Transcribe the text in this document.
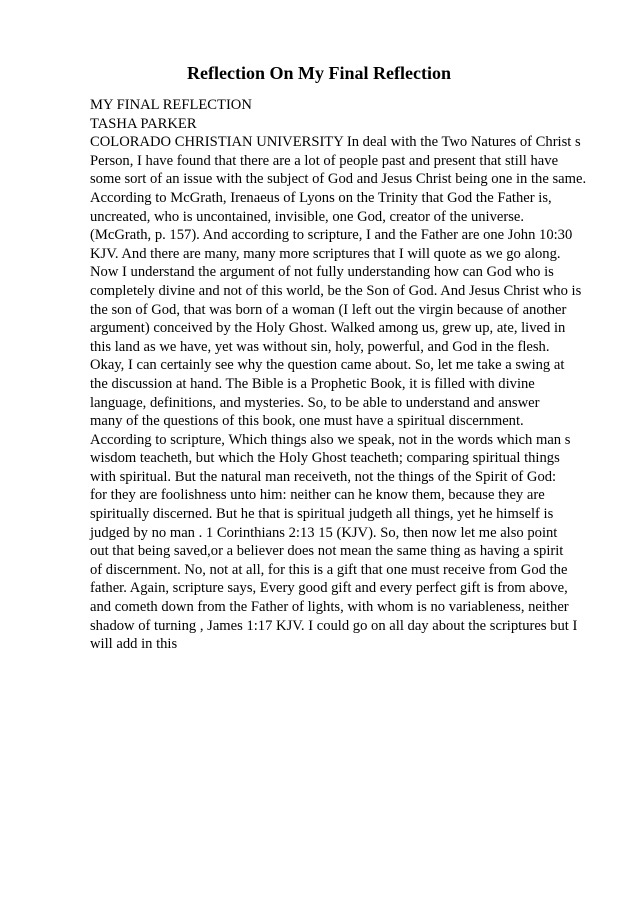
Reflection On My Final Reflection
MY FINAL REFLECTION
TASHA PARKER
COLORADO CHRISTIAN UNIVERSITY In deal with the Two Natures of Christ s
Person, I have found that there are a lot of people past and present that still have
some sort of an issue with the subject of God and Jesus Christ being one in the same.
According to McGrath, Irenaeus of Lyons on the Trinity that God the Father is,
uncreated, who is uncontained, invisible, one God, creator of the universe.
(McGrath, p. 157). And according to scripture, I and the Father are one John 10:30
KJV. And there are many, many more scriptures that I will quote as we go along.
Now I understand the argument of not fully understanding how can God who is
completely divine and not of this world, be the Son of God. And Jesus Christ who is
the son of God, that was born of a woman (I left out the virgin because of another
argument) conceived by the Holy Ghost. Walked among us, grew up, ate, lived in
this land as we have, yet was without sin, holy, powerful, and God in the flesh.
Okay, I can certainly see why the question came about. So, let me take a swing at
the discussion at hand. The Bible is a Prophetic Book, it is filled with divine
language, definitions, and mysteries. So, to be able to understand and answer
many of the questions of this book, one must have a spiritual discernment.
According to scripture, Which things also we speak, not in the words which man s
wisdom teacheth, but which the Holy Ghost teacheth; comparing spiritual things
with spiritual. But the natural man receiveth, not the things of the Spirit of God:
for they are foolishness unto him: neither can he know them, because they are
spiritually discerned. But he that is spiritual judgeth all things, yet he himself is
judged by no man . 1 Corinthians 2:13 15 (KJV). So, then now let me also point
out that being saved,or a believer does not mean the same thing as having a spirit
of discernment. No, not at all, for this is a gift that one must receive from God the
father. Again, scripture says, Every good gift and every perfect gift is from above,
and cometh down from the Father of lights, with whom is no variableness, neither
shadow of turning , James 1:17 KJV. I could go on all day about the scriptures but I
will add in this
